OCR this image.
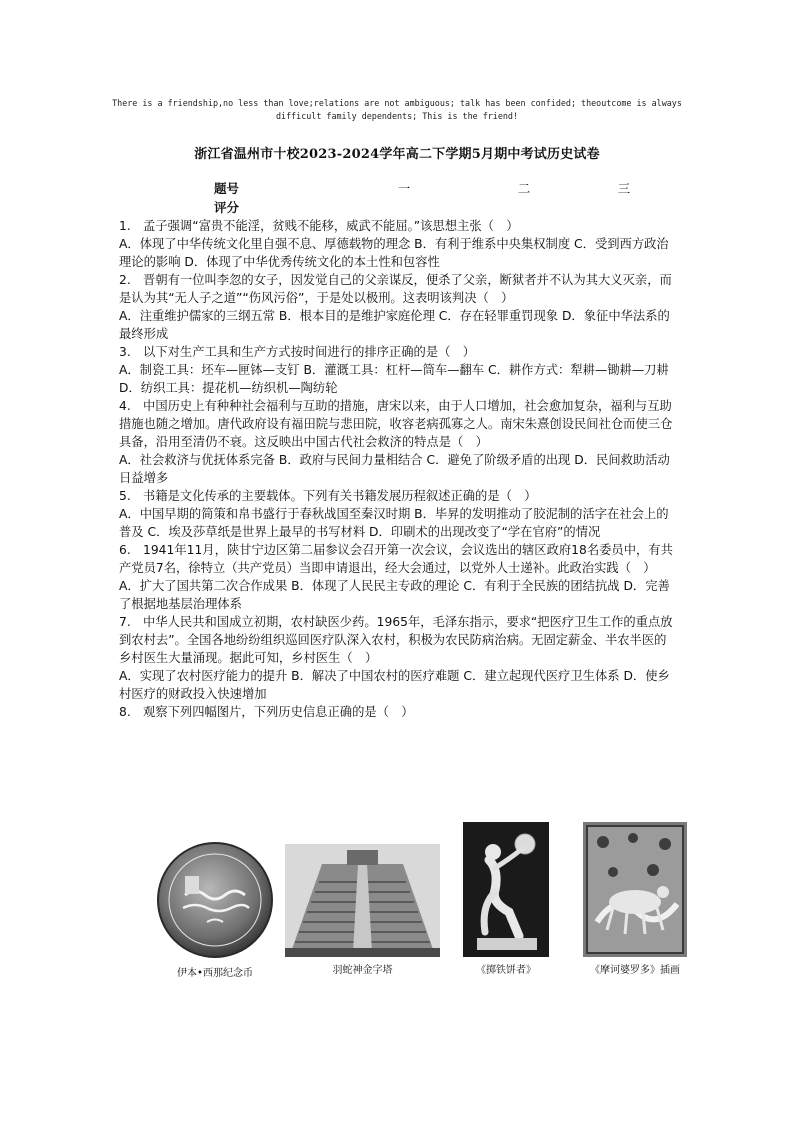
There is a friendship,no less than love;relations are not ambiguous; talk has been confided; theoutcome is always difficult family dependents; This is the friend!
浙江省温州市十校2023-2024学年高二下学期5月期中考试历史试卷
题号	一	二	三
评分

1.　孟子强调“富贵不能淫，贫贱不能移，威武不能屈。”该思想主张（　）

A．体现了中华传统文化里自强不息、厚德载物的理念 B．有利于维系中央集权制度 C．受到西方政治理论的影响 D．体现了中华优秀传统文化的本土性和包容性

2.　晋朝有一位叫李忽的女子，因发觉自己的父亲谋反，便杀了父亲，断狱者并不认为其大义灭亲，而是认为其“无人子之道”“伤风污俗”，于是处以极刑。这表明该判决（　）

A．注重维护儒家的三纲五常 B．根本目的是维护家庭伦理 C．存在轻罪重罚现象 D．象征中华法系的最终形成

3.　以下对生产工具和生产方式按时间进行的排序正确的是（　）

A．制瓷工具：坯车—匣钵—支钉 B．灌溉工具：杠杆—筒车—翻车 C．耕作方式：犁耕—锄耕—刀耕 D．纺织工具：提花机—纺织机—陶纺轮

4.　中国历史上有种种社会福利与互助的措施，唐宋以来，由于人口增加，社会愈加复杂，福利与互助措施也随之增加。唐代政府设有福田院与悲田院，收容老病孤寡之人。南宋朱熹创设民间社仓而使三仓具备，沿用至清仍不衰。这反映出中国古代社会救济的特点是（　）

A．社会救济与优抚体系完备 B．政府与民间力量相结合 C．避免了阶级矛盾的出现 D．民间救助活动日益增多

5.　书籍是文化传承的主要载体。下列有关书籍发展历程叙述正确的是（　）

A．中国早期的简策和帛书盛行于春秋战国至秦汉时期 B．毕昇的发明推动了胶泥制的活字在社会上的普及 C．埃及莎草纸是世界上最早的书写材料 D．印刷术的出现改变了“学在官府”的情况

6.　1941年11月，陕甘宁边区第二届参议会召开第一次会议，会议选出的辖区政府18名委员中，有共产党员7名，徐特立（共产党员）当即申请退出，经大会通过，以党外人士递补。此政治实践（　）

A．扩大了国共第二次合作成果 B．体现了人民民主专政的理论 C．有利于全民族的团结抗战 D．完善了根据地基层治理体系

7.　中华人民共和国成立初期，农村缺医少药。1965年，毛泽东指示，要求“把医疗卫生工作的重点放到农村去”。全国各地纷纷组织巡回医疗队深入农村，积极为农民防病治病。无固定薪金、半农半医的乡村医生大量涌现。据此可知，乡村医生（　）

A．实现了农村医疗能力的提升 B．解决了中国农村的医疗难题 C．建立起现代医疗卫生体系 D．使乡村医疗的财政投入快速增加

8.　观察下列四幅图片，下列历史信息正确的是（　）

伊本•西那纪念币	羽蛇神金字塔	《掷铁饼者》	《摩诃婆罗多》插画
